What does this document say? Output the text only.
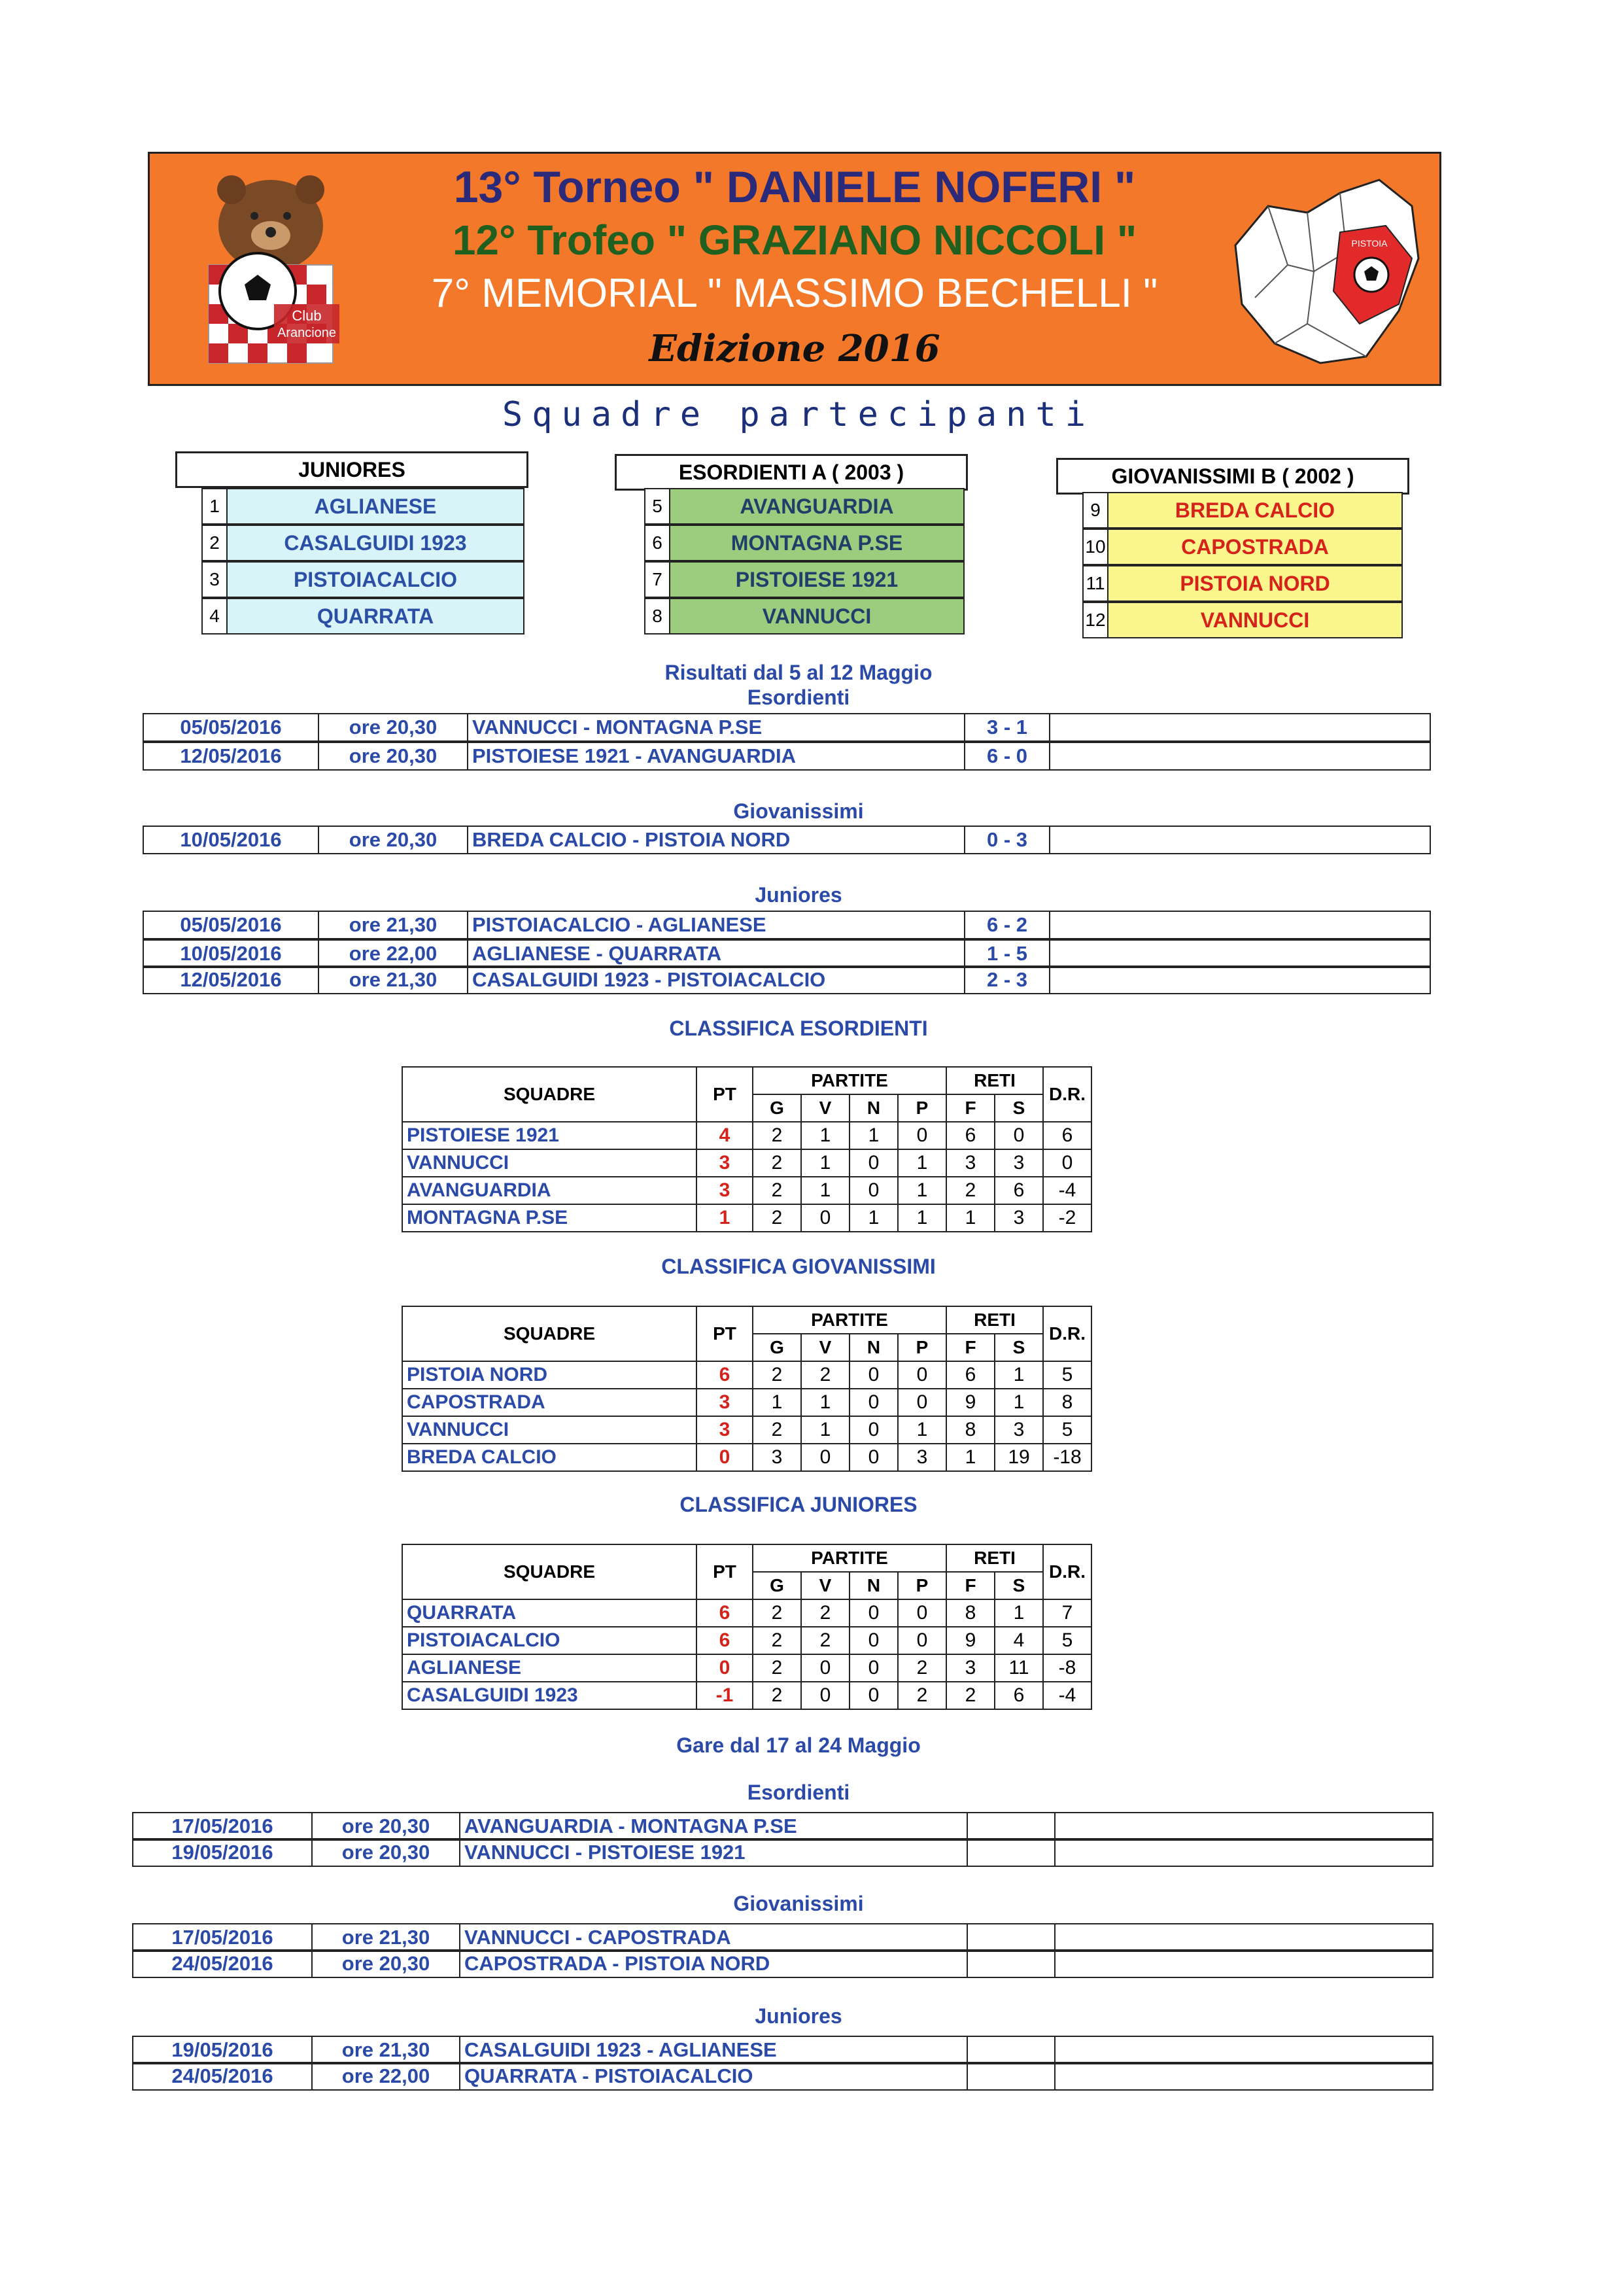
13° Torneo " DANIELE NOFERI "
12° Trofeo " GRAZIANO NICCOLI "
7° MEMORIAL " MASSIMO BECHELLI "
Edizione 2016
Club
Arancione
PISTOIA
Squadre partecipanti
JUNIORES
1	AGLIANESE
2	CASALGUIDI 1923
3	PISTOIACALCIO
4	QUARRATA
ESORDIENTI A ( 2003 )
5	AVANGUARDIA
6	MONTAGNA P.SE
7	PISTOIESE 1921
8	VANNUCCI
GIOVANISSIMI B ( 2002 )
9	BREDA CALCIO
10	CAPOSTRADA
11	PISTOIA NORD
12	VANNUCCI
Risultati dal 5 al 12 Maggio
Esordienti
05/05/2016	ore 20,30	VANNUCCI - MONTAGNA P.SE	3 - 1
12/05/2016	ore 20,30	PISTOIESE 1921 - AVANGUARDIA	6 - 0
Giovanissimi
10/05/2016	ore 20,30	BREDA CALCIO - PISTOIA NORD	0 - 3
Juniores
05/05/2016	ore 21,30	PISTOIACALCIO - AGLIANESE	6 - 2
10/05/2016	ore 22,00	AGLIANESE - QUARRATA	1 - 5
12/05/2016	ore 21,30	CASALGUIDI 1923 - PISTOIACALCIO	2 - 3
CLASSIFICA ESORDIENTI
SQUADRE	PT	PARTITE				RETI		D.R.
		G	V	N	P	F	S	
PISTOIESE 1921	4	2	1	1	0	6	0	6
VANNUCCI	3	2	1	0	1	3	3	0
AVANGUARDIA	3	2	1	0	1	2	6	-4
MONTAGNA P.SE	1	2	0	1	1	1	3	-2
CLASSIFICA GIOVANISSIMI
SQUADRE	PT	PARTITE				RETI		D.R.
		G	V	N	P	F	S	
PISTOIA NORD	6	2	2	0	0	6	1	5
CAPOSTRADA	3	1	1	0	0	9	1	8
VANNUCCI	3	2	1	0	1	8	3	5
BREDA CALCIO	0	3	0	0	3	1	19	-18
CLASSIFICA JUNIORES
SQUADRE	PT	PARTITE				RETI		D.R.
		G	V	N	P	F	S	
QUARRATA	6	2	2	0	0	8	1	7
PISTOIACALCIO	6	2	2	0	0	9	4	5
AGLIANESE	0	2	0	0	2	3	11	-8
CASALGUIDI 1923	-1	2	0	0	2	2	6	-4
Gare dal 17 al 24 Maggio
Esordienti
17/05/2016	ore 20,30	AVANGUARDIA - MONTAGNA P.SE
19/05/2016	ore 20,30	VANNUCCI - PISTOIESE 1921
Giovanissimi
17/05/2016	ore 21,30	VANNUCCI - CAPOSTRADA
24/05/2016	ore 20,30	CAPOSTRADA - PISTOIA NORD
Juniores
19/05/2016	ore 21,30	CASALGUIDI 1923 - AGLIANESE
24/05/2016	ore 22,00	QUARRATA - PISTOIACALCIO
